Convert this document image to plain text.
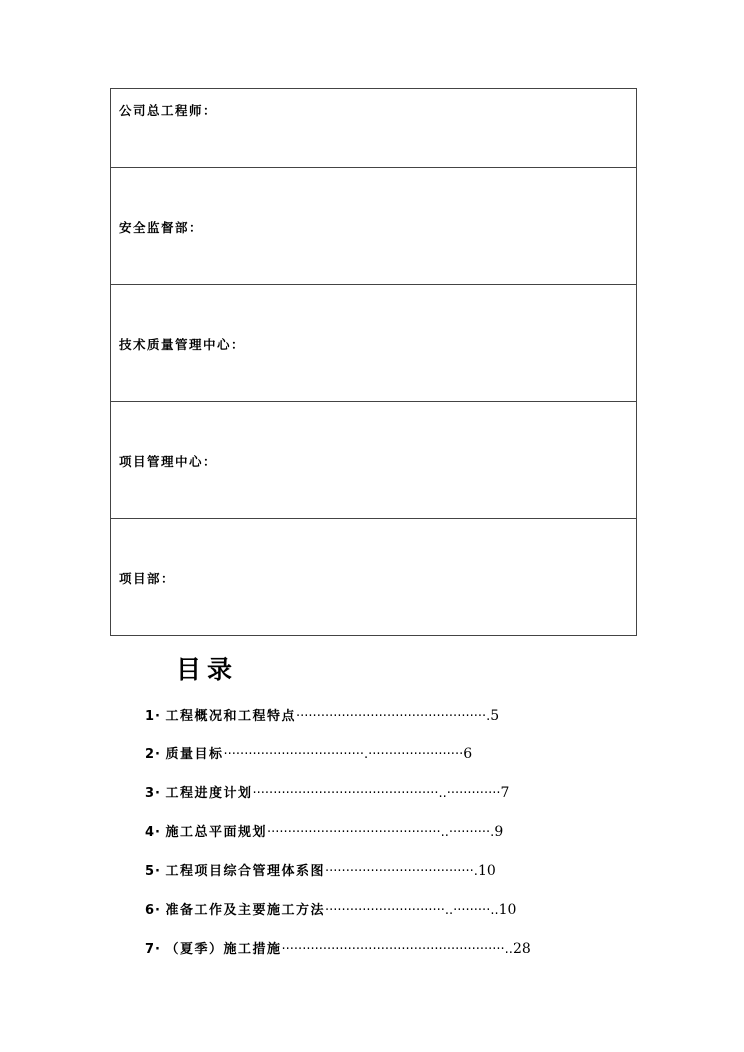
公司总工程师：
安全监督部：
技术质量管理中心：
项目管理中心：
项目部：
目录
1· 工程概况和工程特点··············································.5
2· 质量目标··································.·······················6
3· 工程进度计划·············································..·············7
4· 施工总平面规划··········································..··········.9
5· 工程项目综合管理体系图····································.10
6· 准备工作及主要施工方法·····························..·········..10
7· （夏季）施工措施······················································..28
